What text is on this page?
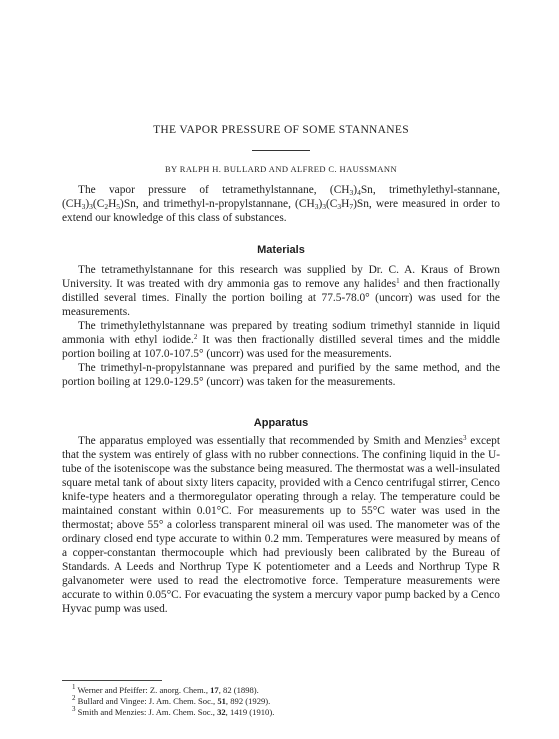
THE VAPOR PRESSURE OF SOME STANNANES
BY RALPH H. BULLARD AND ALFRED C. HAUSSMANN

The vapor pressure of tetramethylstannane, $(CH_3)_4Sn$, trimethylethyl-stannane, $(CH_3)_3(C_2H_5)Sn$, and trimethyl-n-propylstannane, $(CH_3)_3(C_3H_7)Sn$, were measured in order to extend our knowledge of this class of substances.

Materials

The tetramethylstannane for this research was supplied by Dr. C. A. Kraus of Brown University. It was treated with dry ammonia gas to remove any halides$^1$ and then fractionally distilled several times. Finally the portion boiling at 77.5-78.0° (uncorr) was used for the measurements.

The trimethylethylstannane was prepared by treating sodium trimethyl stannide in liquid ammonia with ethyl iodide.$^2$ It was then fractionally distilled several times and the middle portion boiling at 107.0-107.5° (uncorr) was used for the measurements.

The trimethyl-n-propylstannane was prepared and purified by the same method, and the portion boiling at 129.0-129.5° (uncorr) was taken for the measurements.

Apparatus

The apparatus employed was essentially that recommended by Smith and Menzies$^3$ except that the system was entirely of glass with no rubber connections. The confining liquid in the U-tube of the isoteniscope was the substance being measured. The thermostat was a well-insulated square metal tank of about sixty liters capacity, provided with a Cenco centrifugal stirrer, Cenco knife-type heaters and a thermoregulator operating through a relay. The temperature could be maintained constant within 0.01°C. For measurements up to 55°C water was used in the thermostat; above 55° a colorless transparent mineral oil was used. The manometer was of the ordinary closed end type accurate to within 0.2 mm. Temperatures were measured by means of a copper-constantan thermocouple which had previously been calibrated by the Bureau of Standards. A Leeds and Northrup Type K potentiometer and a Leeds and Northrup Type R galvanometer were used to read the electromotive force. Temperature measurements were accurate to within 0.05°C. For evacuating the system a mercury vapor pump backed by a Cenco Hyvac pump was used.

$^1$ Werner and Pfeiffer: Z. anorg. Chem., 17, 82 (1898).
$^2$ Bullard and Vingee: J. Am. Chem. Soc., 51, 892 (1929).
$^3$ Smith and Menzies: J. Am. Chem. Soc., 32, 1419 (1910).
